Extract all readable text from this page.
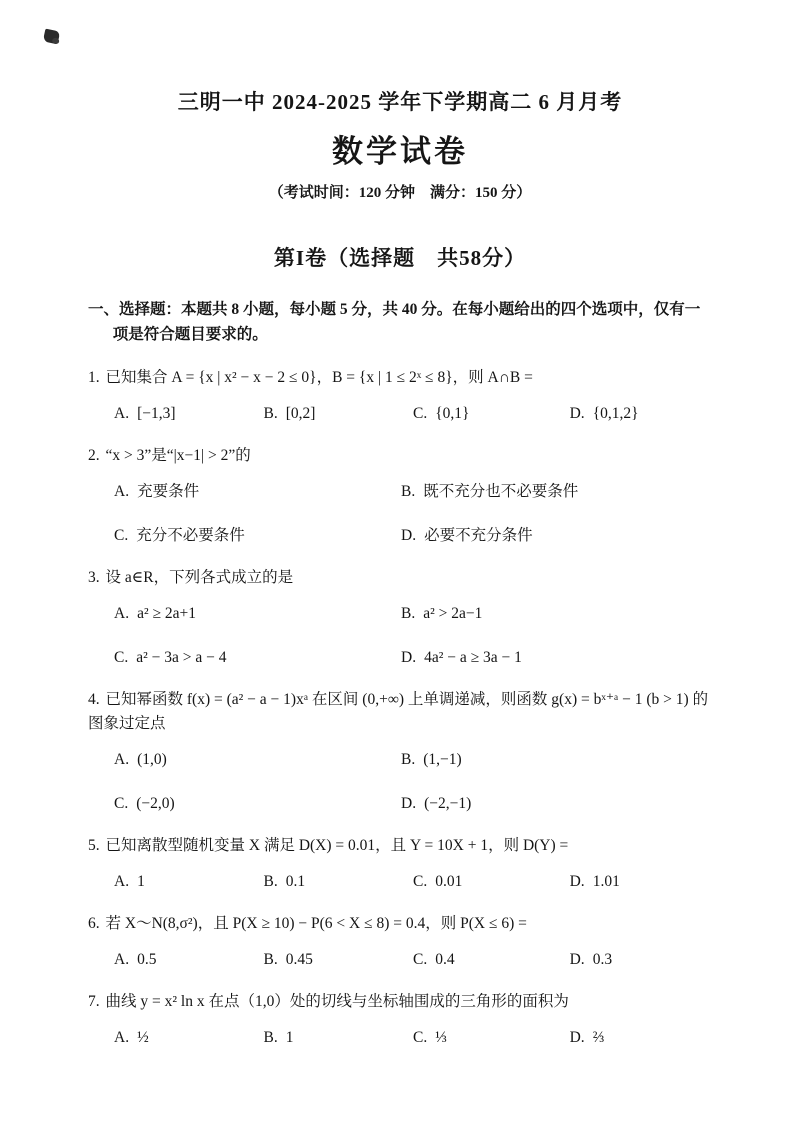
三明一中 2024-2025 学年下学期高二 6 月月考
数学试卷
（考试时间：120 分钟　满分：150 分）
第I卷（选择题　共58分）
一、选择题：本题共 8 小题，每小题 5 分，共 40 分。在每小题给出的四个选项中，仅有一项是符合题目要求的。
1. 已知集合 A = {x | x² − x − 2 ≤ 0}，B = {x | 1 ≤ 2ˣ ≤ 8}，则 A∩B =
A. [−1,3]	B. [0,2]	C. {0,1}	D. {0,1,2}
2. “x > 3”是“|x−1| > 2”的
A. 充要条件	B. 既不充分也不必要条件
C. 充分不必要条件	D. 必要不充分条件
3. 设 a∈R，下列各式成立的是
A. a² ≥ 2a+1	B. a² > 2a−1
C. a² − 3a > a − 4	D. 4a² − a ≥ 3a − 1
4. 已知幂函数 f(x) = (a² − a − 1)xᵃ 在区间 (0,+∞) 上单调递减，则函数 g(x) = bˣ⁺ᵃ − 1 (b > 1) 的 图象过定点
A. (1,0)	B. (1,−1)
C. (−2,0)	D. (−2,−1)
5. 已知离散型随机变量 X 满足 D(X) = 0.01，且 Y = 10X + 1，则 D(Y) =
A. 1	B. 0.1	C. 0.01	D. 1.01
6. 若 X～N(8,σ²)，且 P(X ≥ 10) − P(6 < X ≤ 8) = 0.4，则 P(X ≤ 6) =
A. 0.5	B. 0.45	C. 0.4	D. 0.3
7. 曲线 y = x² ln x 在点（1,0）处的切线与坐标轴围成的三角形的面积为
A. ½	B. 1	C. ⅓	D. ⅔
